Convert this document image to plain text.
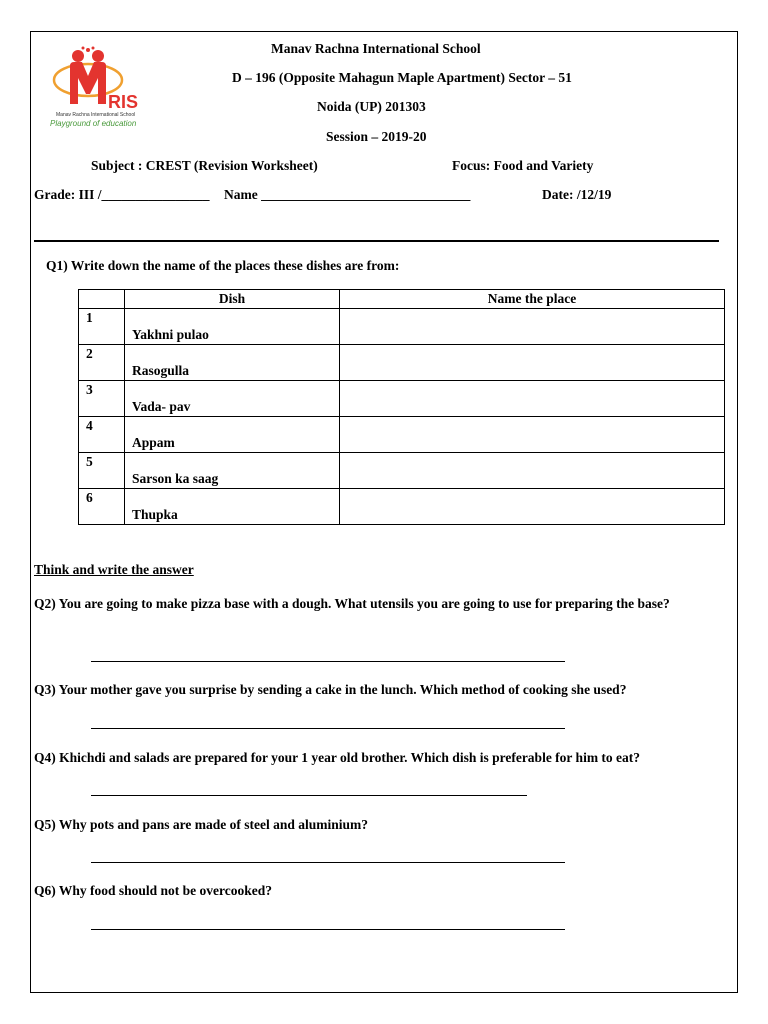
RIS
Manav Rachna International School
Playground of education
Manav Rachna International School
D – 196 (Opposite Mahagun Maple Apartment) Sector – 51
Noida (UP) 201303
Session – 2019-20
Subject : CREST (Revision Worksheet)	Focus: Food and Variety
Grade: III /________________ Name _______________________________	Date: /12/19
Q1) Write down the name of the places these dishes are from:
	Dish	Name the place

1	Yakhni pulao	

2	Rasogulla	

3	Vada- pav	

4	Appam	

5	Sarson ka saag	

6	Thupka	

Think and write the answer
Q2) You are going to make pizza base with a dough. What utensils you are going to use for preparing the base?
Q3) Your mother gave you surprise by sending a cake in the lunch. Which method of cooking she used?
Q4) Khichdi and salads are prepared for your 1 year old brother. Which dish is preferable for him to eat?
Q5) Why pots and pans are made of steel and aluminium?
Q6) Why food should not be overcooked?
